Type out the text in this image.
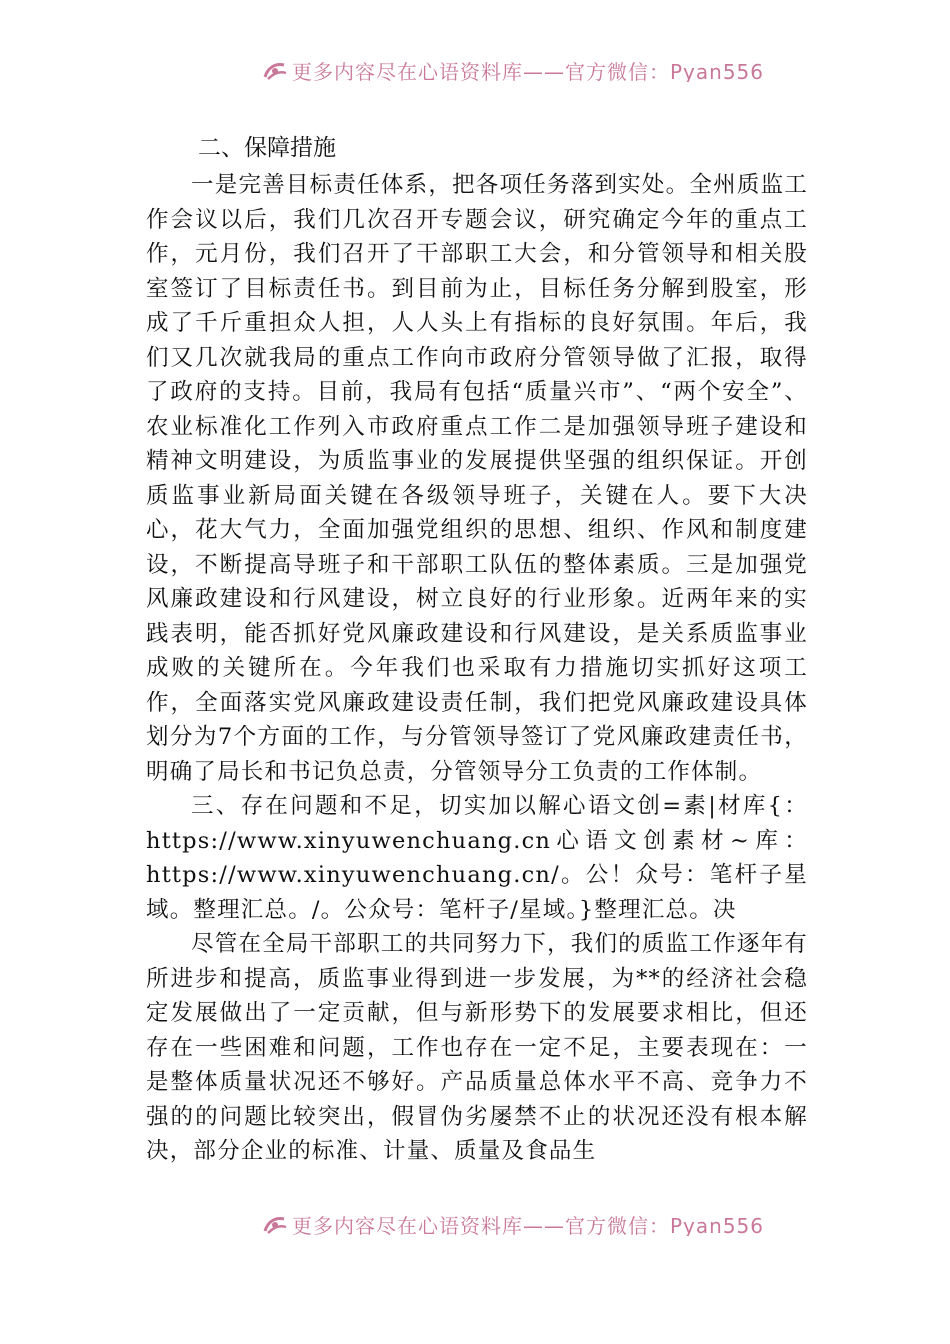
更多内容尽在心语资料库——官方微信：Pyan556
二、保障措施

一是完善目标责任体系，把各项任务落到实处。全州质监工作会议以后，我们几次召开专题会议，研究确定今年的重点工作，元月份，我们召开了干部职工大会，和分管领导和相关股室签订了目标责任书。到目前为止，目标任务分解到股室，形成了千斤重担众人担，人人头上有指标的良好氛围。年后，我们又几次就我局的重点工作向市政府分管领导做了汇报，取得了政府的支持。目前，我局有包括“质量兴市”、“两个安全”、农业标准化工作列入市政府重点工作二是加强领导班子建设和精神文明建设，为质监事业的发展提供坚强的组织保证。开创质监事业新局面关键在各级领导班子，关键在人。要下大决心，花大气力，全面加强党组织的思想、组织、作风和制度建设，不断提高导班子和干部职工队伍的整体素质。三是加强党风廉政建设和行风建设，树立良好的行业形象。近两年来的实践表明，能否抓好党风廉政建设和行风建设，是关系质监事业成败的关键所在。今年我们也采取有力措施切实抓好这项工作，全面落实党风廉政建设责任制，我们把党风廉政建设具体划分为7个方面的工作，与分管领导签订了党风廉政建责任书，明确了局长和书记负总责，分管领导分工负责的工作体制。

三、存在问题和不足，切实加以解心语文创=素|材库{：https://www.xinyuwenchuang.cn心语文创素材~库：https://www.xinyuwenchuang.cn/。公！众号：笔杆子星域。整理汇总。/。公众号：笔杆子/星域。}整理汇总。决

尽管在全局干部职工的共同努力下，我们的质监工作逐年有所进步和提高，质监事业得到进一步发展，为**的经济社会稳定发展做出了一定贡献，但与新形势下的发展要求相比，但还存在一些困难和问题，工作也存在一定不足，主要表现在：一是整体质量状况还不够好。产品质量总体水平不高、竞争力不强的的问题比较突出，假冒伪劣屡禁不止的状况还没有根本解决，部分企业的标准、计量、质量及食品生

更多内容尽在心语资料库——官方微信：Pyan556
